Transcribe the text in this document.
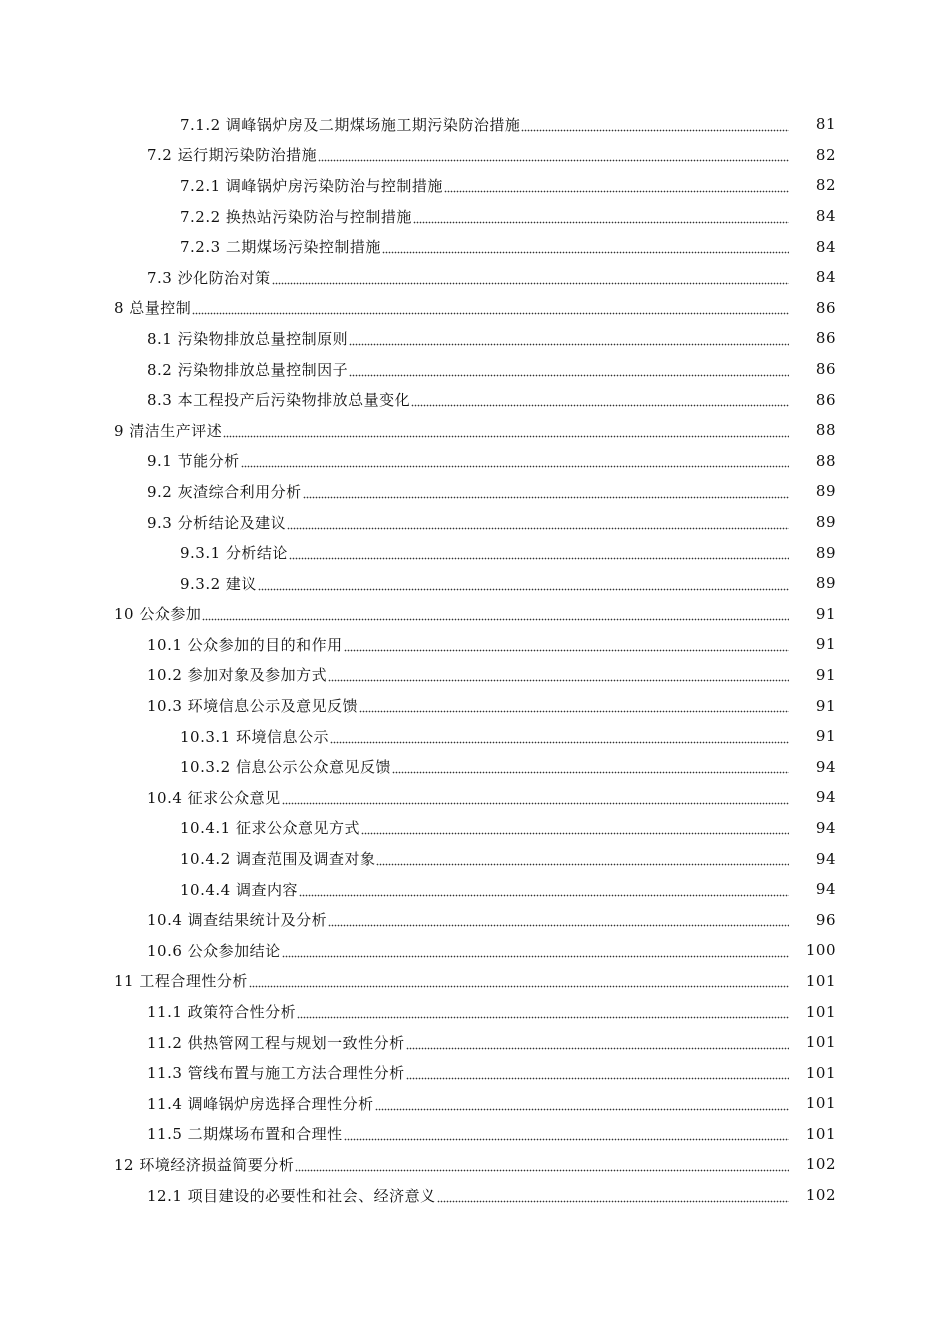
7.1.2 调峰锅炉房及二期煤场施工期污染防治措施	81
7.2 运行期污染防治措施	82
7.2.1 调峰锅炉房污染防治与控制措施	82
7.2.2 换热站污染防治与控制措施	84
7.2.3 二期煤场污染控制措施	84
7.3 沙化防治对策	84
8 总量控制	86
8.1 污染物排放总量控制原则	86
8.2 污染物排放总量控制因子	86
8.3 本工程投产后污染物排放总量变化	86
9 清洁生产评述	88
9.1 节能分析	88
9.2 灰渣综合利用分析	89
9.3 分析结论及建议	89
9.3.1 分析结论	89
9.3.2 建议	89
10 公众参加	91
10.1 公众参加的目的和作用	91
10.2 参加对象及参加方式	91
10.3 环境信息公示及意见反馈	91
10.3.1 环境信息公示	91
10.3.2 信息公示公众意见反馈	94
10.4 征求公众意见	94
10.4.1 征求公众意见方式	94
10.4.2 调查范围及调查对象	94
10.4.4 调查内容	94
10.4 调查结果统计及分析	96
10.6 公众参加结论	100
11 工程合理性分析	101
11.1 政策符合性分析	101
11.2 供热管网工程与规划一致性分析	101
11.3 管线布置与施工方法合理性分析	101
11.4 调峰锅炉房选择合理性分析	101
11.5 二期煤场布置和合理性	101
12 环境经济损益简要分析	102
12.1 项目建设的必要性和社会、经济意义	102
